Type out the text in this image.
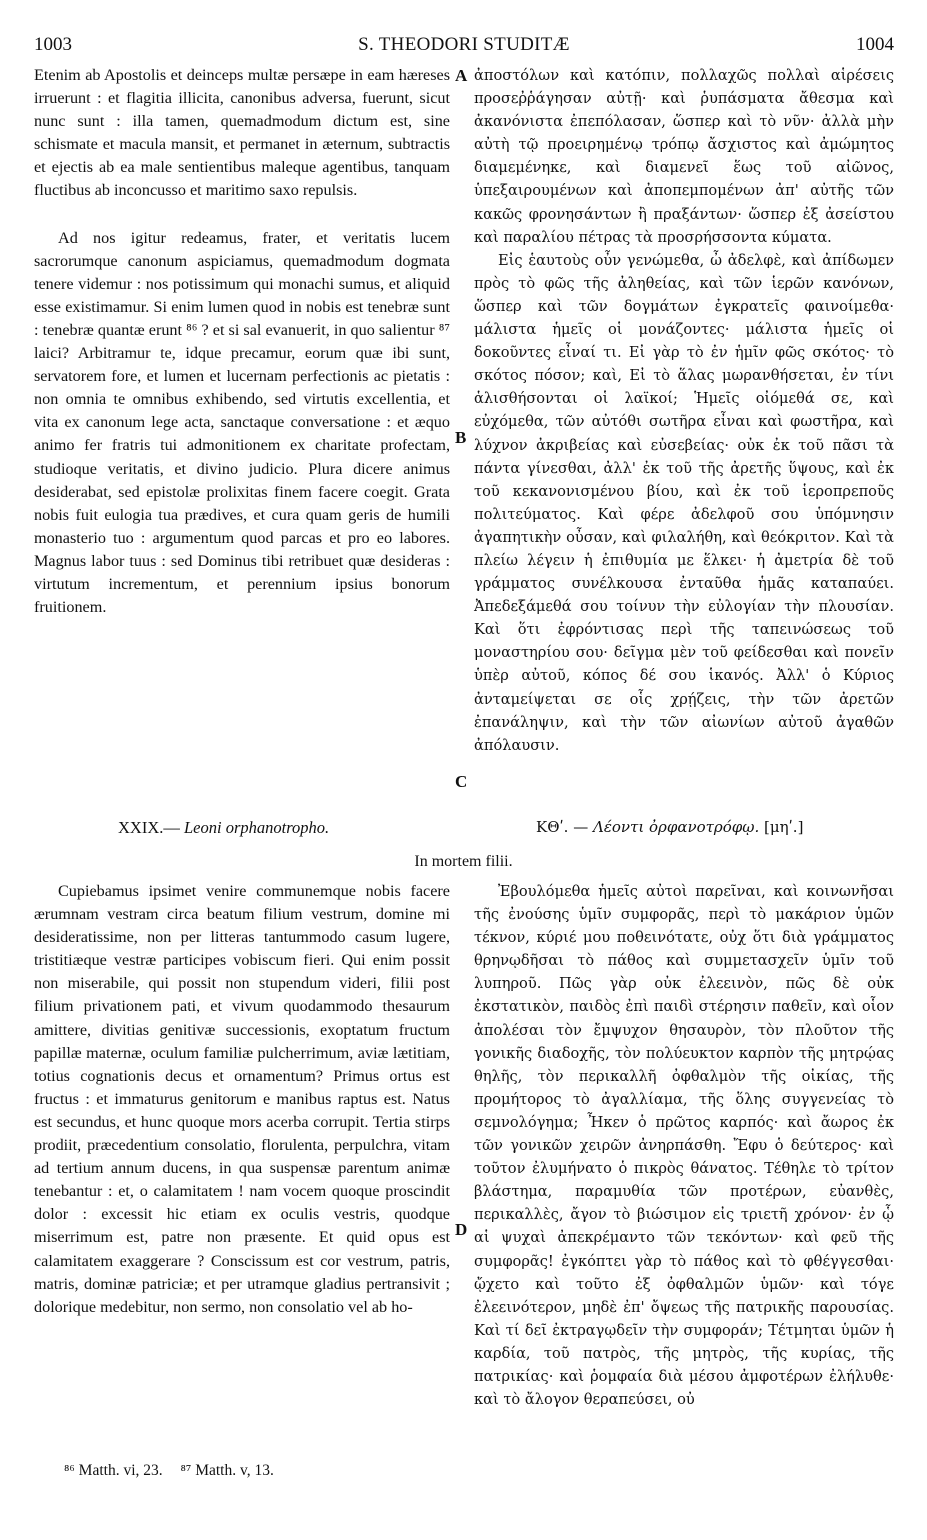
1003	S. THEODORI STUDITÆ	1004

Etenim ab Apostolis et deinceps multæ persæpe in eam hæreses irruerunt : et flagitia illicita, canonibus adversa, fuerunt, sicut nunc sunt : illa tamen, quemadmodum dictum est, sine schismate et macula mansit, et permanet in æternum, subtractis et ejectis ab ea male sentientibus maleque agentibus, tanquam fluctibus ab inconcusso et maritimo saxo repulsis.

Ad nos igitur redeamus, frater, et veritatis lucem sacrorumque canonum aspiciamus, quemadmodum dogmata tenere videmur : nos potissimum qui monachi sumus, et aliquid esse existimamur. Si enim lumen quod in nobis est tenebræ sunt : tenebræ quantæ erunt ⁸⁶ ? et si sal evanuerit, in quo salientur ⁸⁷ laici? Arbitramur te, idque precamur, eorum quæ ibi sunt, servatorem fore, et lumen et lucernam perfectionis ac pietatis : non omnia te omnibus exhibendo, sed virtutis excellentia, et vita ex canonum lege acta, sanctaque conversatione : et æquo animo fer fratris tui admonitionem ex charitate profectam, studioque veritatis, et divino judicio. Plura dicere animus desiderabat, sed epistolæ prolixitas finem facere coegit. Grata nobis fuit eulogia tua prædives, et cura quam geris de humili monasterio tuo : argumentum quod parcas et pro eo labores. Magnus labor tuus : sed Dominus tibi retribuet quæ desideras : virtutum incrementum, et perennium ipsius bonorum fruitionem.

ἀποστόλων καὶ κατόπιν, πολλαχῶς πολλαὶ αἱρέσεις προσεῤῥάγησαν αὐτῇ· καὶ ῥυπάσματα ἄθεσμα καὶ ἀκανόνιστα ἐπεπόλασαν, ὥσπερ καὶ τὸ νῦν· ἀλλὰ μὴν αὐτὴ τῷ προειρημένῳ τρόπῳ ἄσχιστος καὶ ἀμώμητος διαμεμένηκε, καὶ διαμενεῖ ἕως τοῦ αἰῶνος, ὑπεξαιρουμένων καὶ ἀποπεμπομένων ἀπ' αὐτῆς τῶν κακῶς φρονησάντων ἢ πραξάντων· ὥσπερ ἐξ ἀσείστου καὶ παραλίου πέτρας τὰ προσρήσσοντα κύματα.

Εἰς ἑαυτοὺς οὖν γενώμεθα, ὦ ἀδελφὲ, καὶ ἀπίδωμεν πρὸς τὸ φῶς τῆς ἀληθείας, καὶ τῶν ἱερῶν κανόνων, ὥσπερ καὶ τῶν δογμάτων ἐγκρατεῖς φαινοίμεθα· μάλιστα ἡμεῖς οἱ μονάζοντες· μάλιστα ἡμεῖς οἱ δοκοῦντες εἶναί τι. Εἰ γὰρ τὸ ἐν ἡμῖν φῶς σκότος· τὸ σκότος πόσον; καὶ, Εἰ τὸ ἅλας μωρανθήσεται, ἐν τίνι ἁλισθήσονται οἱ λαϊκοί; Ἡμεῖς οἰόμεθά σε, καὶ εὐχόμεθα, τῶν αὐτόθι σωτῆρα εἶναι καὶ φωστῆρα, καὶ λύχνον ἀκριβείας καὶ εὐσεβείας· οὐκ ἐκ τοῦ πᾶσι τὰ πάντα γίνεσθαι, ἀλλ' ἐκ τοῦ τῆς ἀρετῆς ὕψους, καὶ ἐκ τοῦ κεκανονισμένου βίου, καὶ ἐκ τοῦ ἱεροπρεποῦς πολιτεύματος. Καὶ φέρε ἀδελφοῦ σου ὑπόμνησιν ἀγαπητικὴν οὖσαν, καὶ φιλαλήθη, καὶ θεόκριτον. Καὶ τὰ πλείω λέγειν ἡ ἐπιθυμία με ἕλκει· ἡ ἀμετρία δὲ τοῦ γράμματος συνέλκουσα ἐνταῦθα ἡμᾶς καταπαύει. Ἀπεδεξάμεθά σου τοίνυν τὴν εὐλογίαν τὴν πλουσίαν. Καὶ ὅτι ἐφρόντισας περὶ τῆς ταπεινώσεως τοῦ μοναστηρίου σου· δεῖγμα μὲν τοῦ φείδεσθαι καὶ πονεῖν ὑπὲρ αὐτοῦ, κόπος δέ σου ἱκανός. Ἀλλ' ὁ Κύριος ἀνταμείψεται σε οἷς χρῄζεις, τὴν τῶν ἀρετῶν ἐπανάληψιν, καὶ τὴν τῶν αἰωνίων αὐτοῦ ἀγαθῶν ἀπόλαυσιν.

A
B
C
D
XXIX.— Leoni orphanotropho.	ΚΘʹ. — Λέοντι ὀρφανοτρόφῳ. [μηʹ.]
In mortem filii.

Cupiebamus ipsimet venire communemque nobis facere ærumnam vestram circa beatum filium vestrum, domine mi desideratissime, non per litteras tantummodo casum lugere, tristitiæque vestræ participes vobiscum fieri. Qui enim possit non miserabile, qui possit non stupendum videri, filii post filium privationem pati, et vivum quodammodo thesaurum amittere, divitias genitivæ successionis, exoptatum fructum papillæ maternæ, oculum familiæ pulcherrimum, aviæ lætitiam, totius cognationis decus et ornamentum? Primus ortus est fructus : et immaturus genitorum e manibus raptus est. Natus est secundus, et hunc quoque mors acerba corrupit. Tertia stirps prodiit, præcedentium consolatio, florulenta, perpulchra, vitam ad tertium annum ducens, in qua suspensæ parentum animæ tenebantur : et, o calamitatem ! nam vocem quoque proscindit dolor : excessit hic etiam ex oculis vestris, quodque miserrimum est, patre non præsente. Et quid opus est calamitatem exaggerare ? Conscissum est cor vestrum, patris, matris, dominæ patriciæ; et per utramque gladius pertransivit ; doloriquе medebitur, non sermo, non consolatio vel ab ho-

Ἐβουλόμεθα ἡμεῖς αὐτοὶ παρεῖναι, καὶ κοινωνῆσαι τῆς ἐνούσης ὑμῖν συμφορᾶς, περὶ τὸ μακάριον ὑμῶν τέκνον, κύριέ μου ποθεινότατε, οὐχ ὅτι διὰ γράμματος θρηνῳδῆσαι τὸ πάθος καὶ συμμετασχεῖν ὑμῖν τοῦ λυπηροῦ. Πῶς γὰρ οὐκ ἐλεεινὸν, πῶς δὲ οὐκ ἐκστατικὸν, παιδὸς ἐπὶ παιδὶ στέρησιν παθεῖν, καὶ οἷον ἀπολέσαι τὸν ἔμψυχον θησαυρὸν, τὸν πλοῦτον τῆς γονικῆς διαδοχῆς, τὸν πολύευκτον καρπὸν τῆς μητρῴας θηλῆς, τὸν περικαλλῆ ὀφθαλμὸν τῆς οἰκίας, τῆς προμήτορος τὸ ἀγαλλίαμα, τῆς ὅλης συγγενείας τὸ σεμνολόγημα; Ἦκεν ὁ πρῶτος καρπός· καὶ ἄωρος ἐκ τῶν γονικῶν χειρῶν ἀνηρπάσθη. Ἔφυ ὁ δεύτερος· καὶ τοῦτον ἐλυμήνατο ὁ πικρὸς θάνατος. Τέθηλε τὸ τρίτον βλάστημα, παραμυθία τῶν προτέρων, εὐανθὲς, περικαλλὲς, ἄγον τὸ βιώσιμον εἰς τριετῆ χρόνον· ἐν ᾧ αἱ ψυχαὶ ἀπεκρέμαντο τῶν τεκόντων· καὶ φεῦ τῆς συμφορᾶς! ἐγκόπτει γὰρ τὸ πάθος καὶ τὸ φθέγγεσθαι· ᾤχετο καὶ τοῦτο ἐξ ὀφθαλμῶν ὑμῶν· καὶ τόγε ἐλεεινότερον, μηδὲ ἐπ' ὄψεως τῆς πατρικῆς παρουσίας. Καὶ τί δεῖ ἐκτραγῳδεῖν τὴν συμφοράν; Τέτμηται ὑμῶν ἡ καρδία, τοῦ πατρὸς, τῆς μητρὸς, τῆς κυρίας, τῆς πατρικίας· καὶ ῥομφαία διὰ μέσου ἀμφοτέρων ἐλήλυθε· καὶ τὸ ἄλογον θεραπεύσει, οὐ

⁸⁶ Matth. vi, 23. ⁸⁷ Matth. v, 13.
